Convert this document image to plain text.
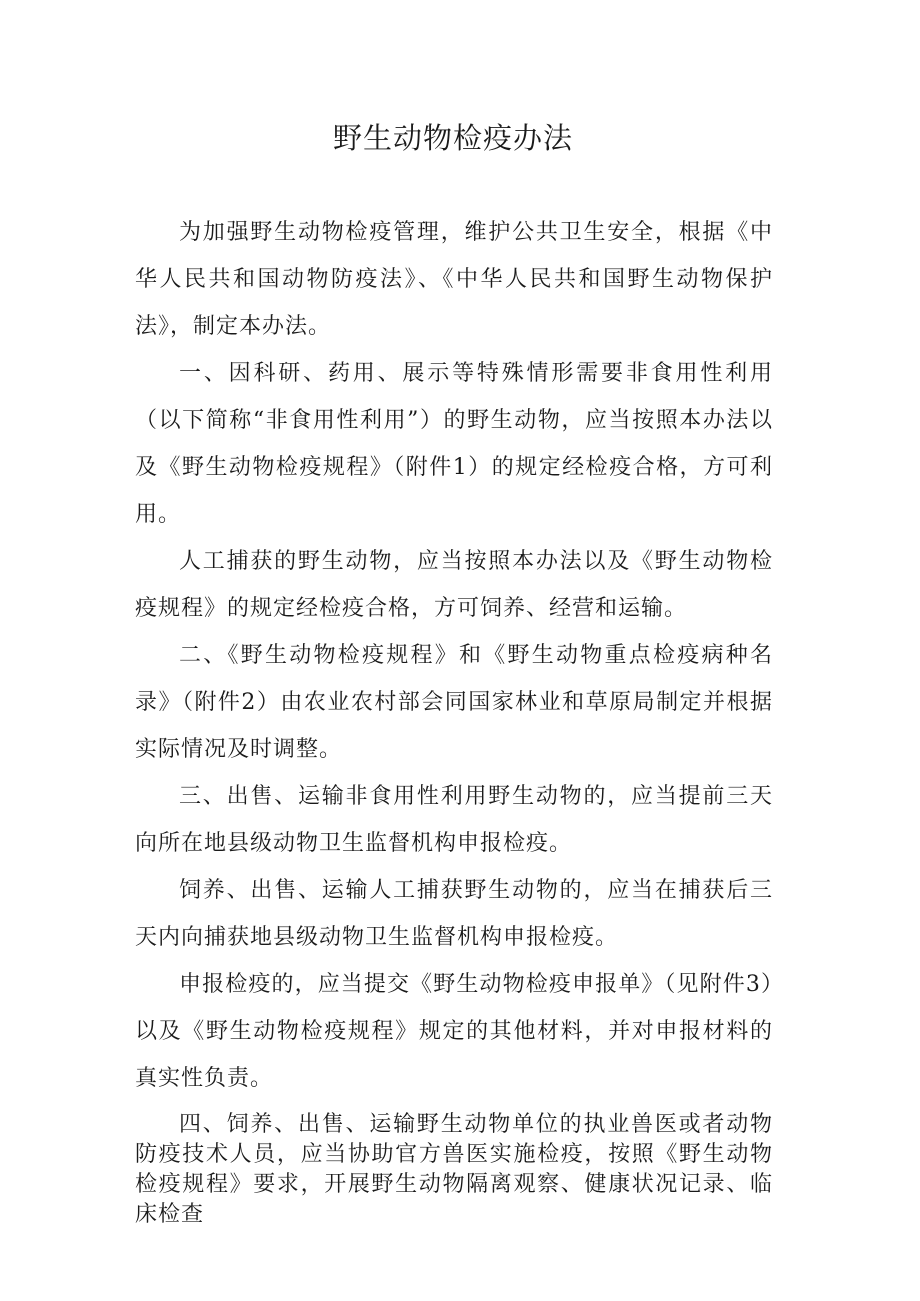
野生动物检疫办法

为加强野生动物检疫管理，维护公共卫生安全，根据《中华人民共和国动物防疫法》、《中华人民共和国野生动物保护法》，制定本办法。

一、因科研、药用、展示等特殊情形需要非食用性利用（以下简称“非食用性利用”）的野生动物，应当按照本办法以及《野生动物检疫规程》（附件1）的规定经检疫合格，方可利用。

人工捕获的野生动物，应当按照本办法以及《野生动物检疫规程》的规定经检疫合格，方可饲养、经营和运输。

二、《野生动物检疫规程》和《野生动物重点检疫病种名录》（附件2）由农业农村部会同国家林业和草原局制定并根据实际情况及时调整。

三、出售、运输非食用性利用野生动物的，应当提前三天向所在地县级动物卫生监督机构申报检疫。

饲养、出售、运输人工捕获野生动物的，应当在捕获后三天内向捕获地县级动物卫生监督机构申报检疫。

申报检疫的，应当提交《野生动物检疫申报单》（见附件3）以及《野生动物检疫规程》规定的其他材料，并对申报材料的真实性负责。

四、饲养、出售、运输野生动物单位的执业兽医或者动物防疫技术人员，应当协助官方兽医实施检疫，按照《野生动物检疫规程》要求，开展野生动物隔离观察、健康状况记录、临床检查
